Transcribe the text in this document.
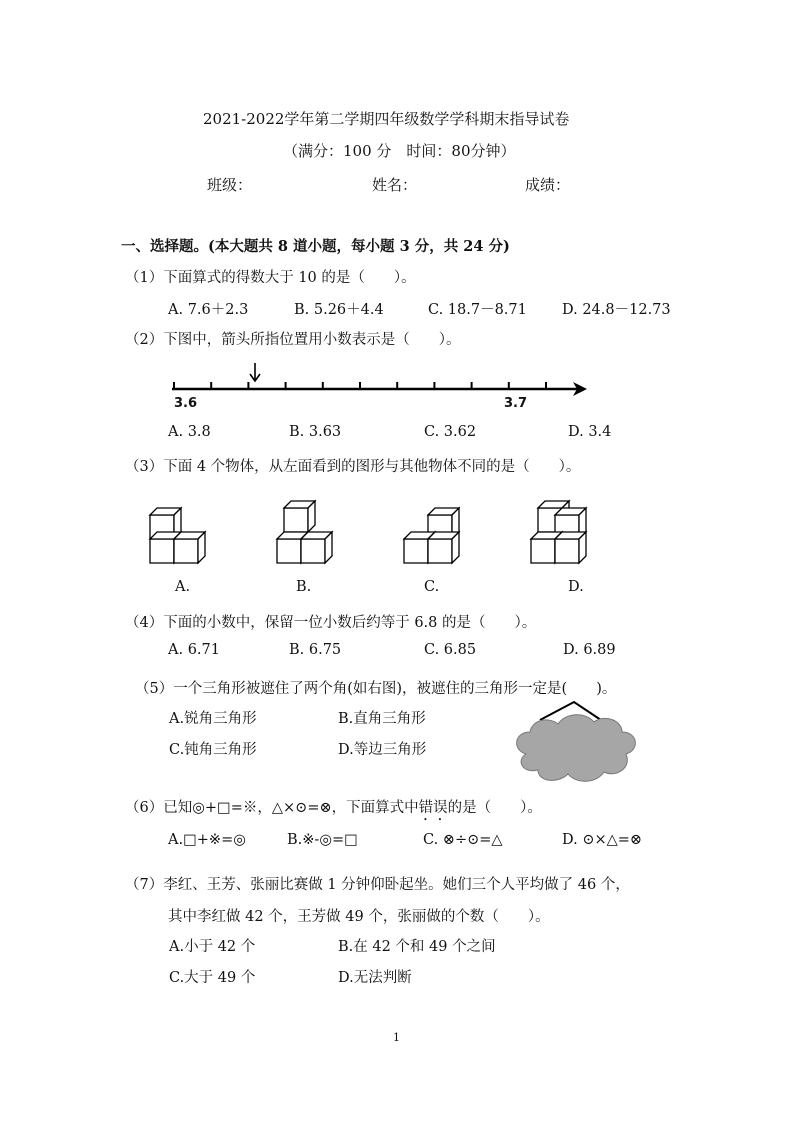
2021-2022学年第二学期四年级数学学科期末指导试卷
（满分：100 分　时间：80分钟）
班级：	姓名：	成绩：
一、选择题。(本大题共 8 道小题，每小题 3 分，共 24 分)
（1）下面算式的得数大于 10 的是（　　）。
A. 7.6＋2.3	B. 5.26＋4.4	C. 18.7－8.71 D. 24.8－12.73
（2）下图中，箭头所指位置用小数表示是（　　）。
3.6	3.7
A. 3.8	B. 3.63	C. 3.62	D. 3.4
（3）下面 4 个物体，从左面看到的图形与其他物体不同的是（　　）。
A.	B.	C.	D.
（4）下面的小数中，保留一位小数后约等于 6.8 的是（　　）。
A. 6.71	B. 6.75	C. 6.85	D. 6.89
（5）一个三角形被遮住了两个角(如右图)，被遮住的三角形一定是(　　)。
A.锐角三角形	B.直角三角形
C.钝角三角形	D.等边三角形
（6）已知◎+□=※，△×⊙=⊗，下面算式中错误的是（　　）。
A.□+※=◎	B.※-◎=□	C. ⊗÷⊙=△	D. ⊙×△=⊗
（7）李红、王芳、张丽比赛做 1 分钟仰卧起坐。她们三个人平均做了 46 个，
其中李红做 42 个，王芳做 49 个，张丽做的个数（　　）。
A.小于 42 个	B.在 42 个和 49 个之间
C.大于 49 个	D.无法判断
1
